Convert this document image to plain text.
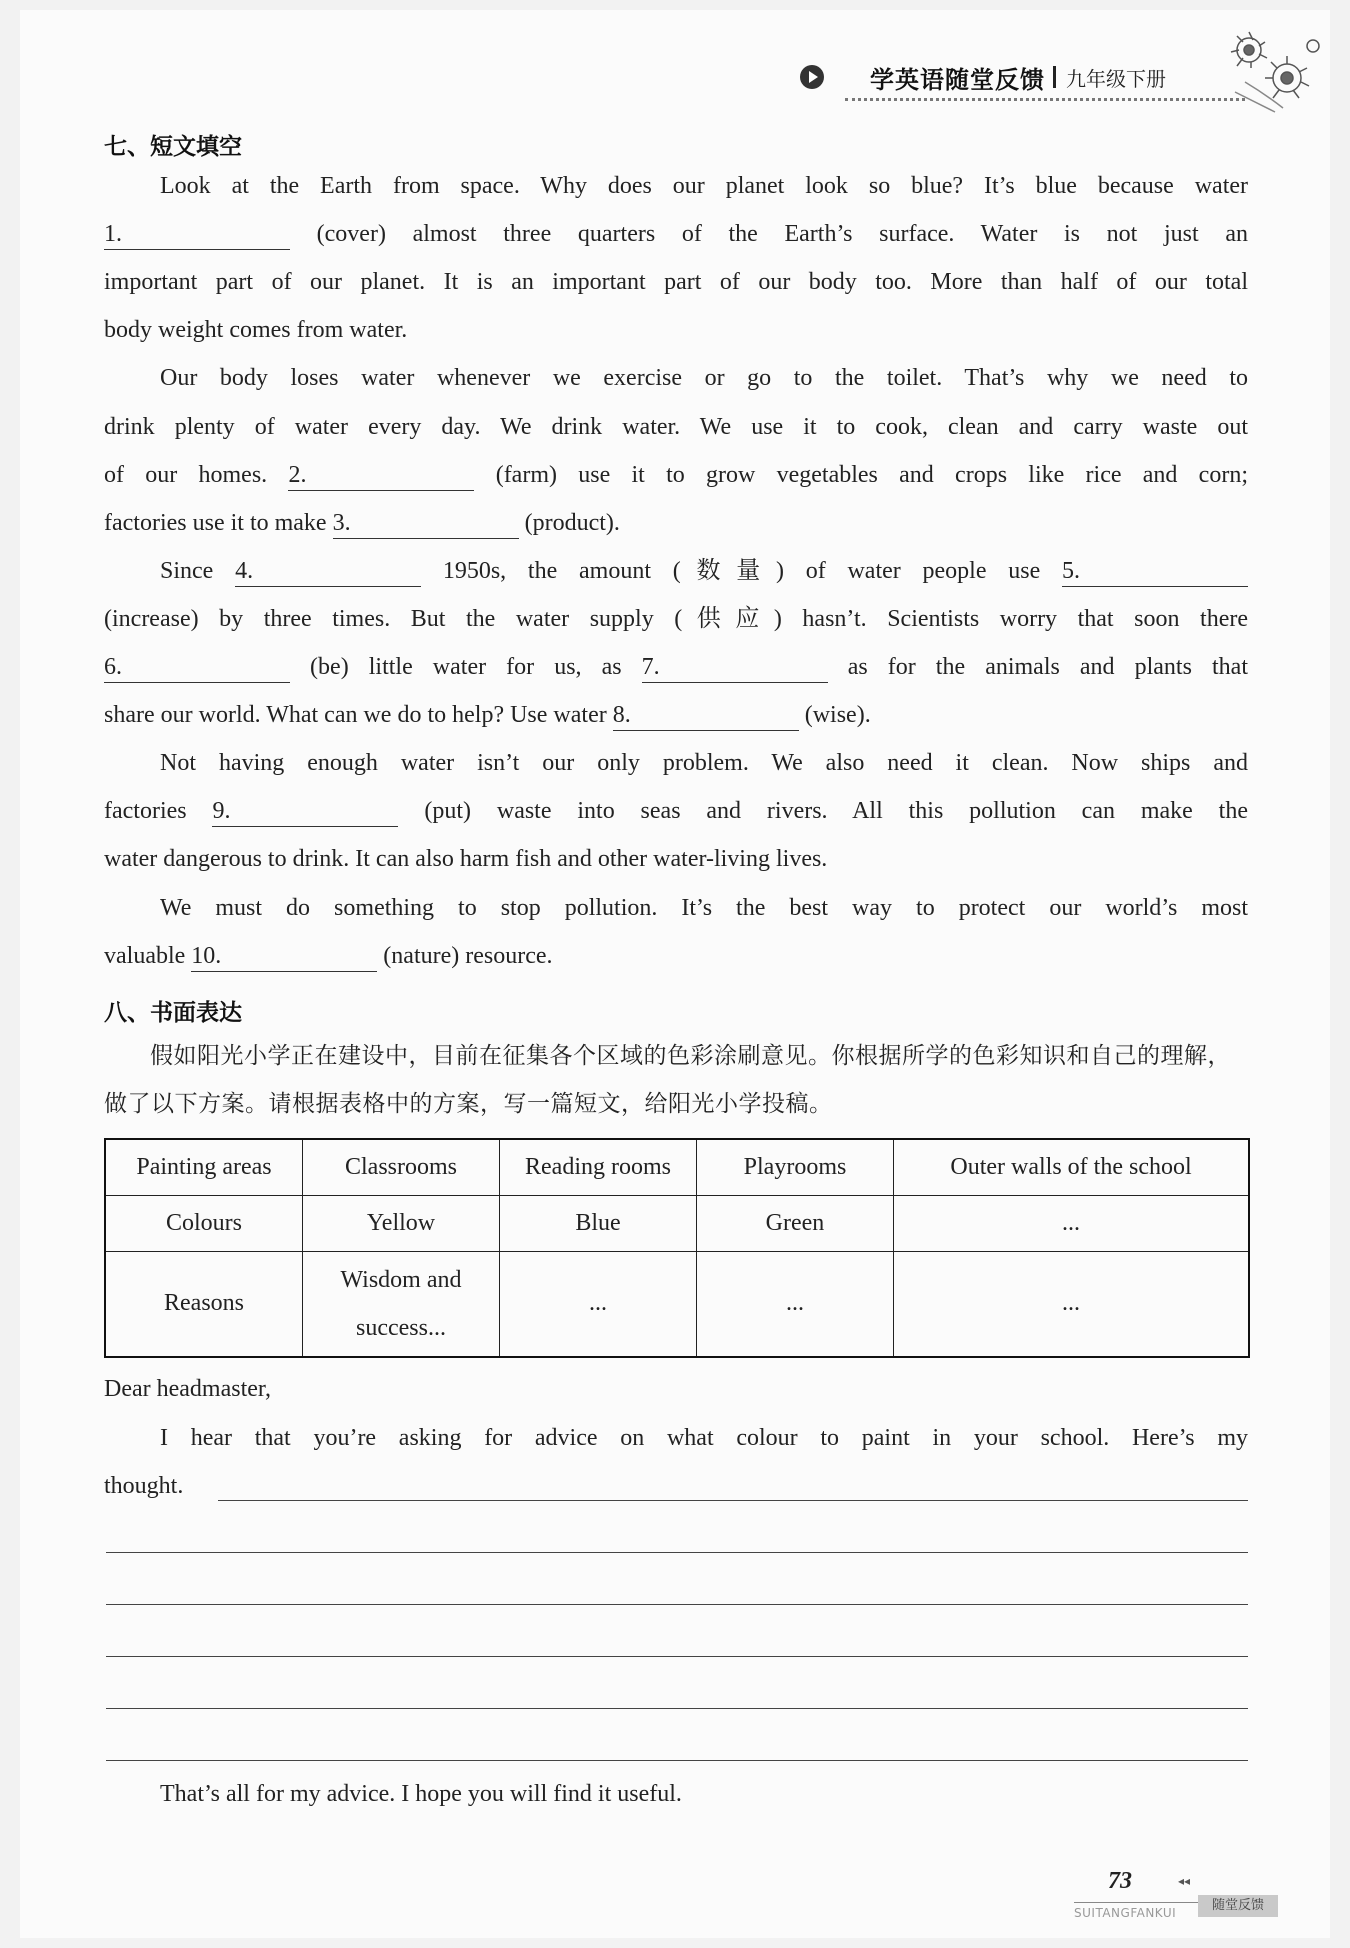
学英语随堂反馈 九年级下册
七、短文填空
Look at the Earth from space. Why does our planet look so blue? It’s blue because water
1.	(cover) almost three quarters of the Earth’s surface. Water is not just an
important part of our planet. It is an important part of our body too. More than half of our total
body weight comes from water.
Our body loses water whenever we exercise or go to the toilet. That’s why we need to
drink plenty of water every day. We drink water. We use it to cook, clean and carry waste out
of our homes. 2.	(farm) use it to grow vegetables and crops like rice and corn;
factories use it to make 3.	(product).
Since 4.	1950s, the amount (数量) of water people use 5.
(increase) by three times. But the water supply (供应) hasn’t. Scientists worry that soon there
6.	(be) little water for us, as 7.	as for the animals and plants that
share our world. What can we do to help? Use water 8.	(wise).
Not having enough water isn’t our only problem. We also need it clean. Now ships and
factories 9.	(put) waste into seas and rivers. All this pollution can make the
water dangerous to drink. It can also harm fish and other water-living lives.
We must do something to stop pollution. It’s the best way to protect our world’s most
valuable 10.	(nature) resource.
八、书面表达

假如阳光小学正在建设中，目前在征集各个区域的色彩涂刷意见。你根据所学的色彩知识和自己的理解，做了以下方案。请根据表格中的方案，写一篇短文，给阳光小学投稿。

Painting areas	Classrooms	Reading rooms	Playrooms	Outer walls of the school
Colours	Yellow	Blue	Green	...
Reasons	Wisdom and
success...	...	...	...
Dear headmaster,
I hear that you’re asking for advice on what colour to paint in your school. Here’s my
thought.
That’s all for my advice. I hope you will find it useful.
73	◂◂
SUITANGFANKUI	随堂反馈
